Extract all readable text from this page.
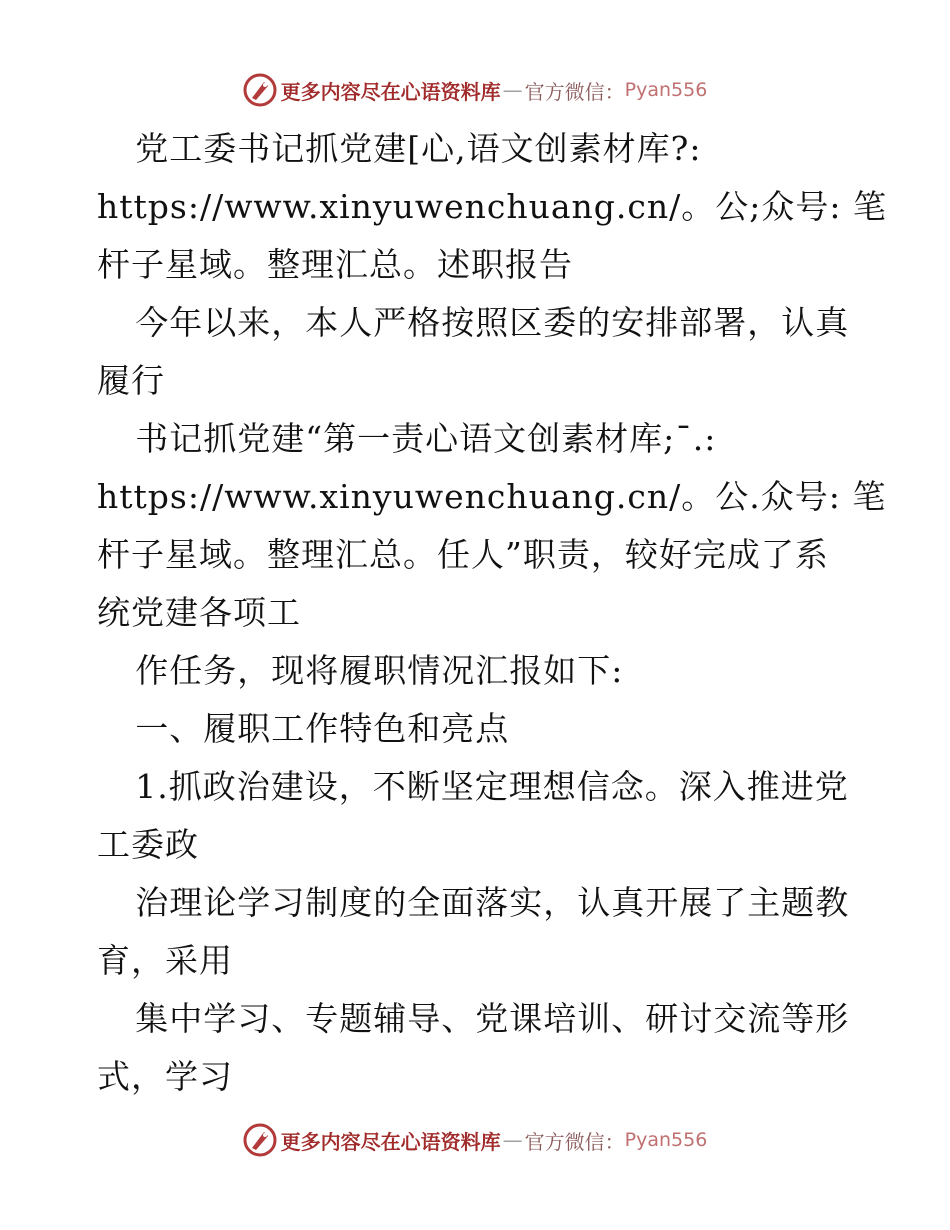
更多内容尽在心语资料库 — 官方微信： Pyan556
党工委书记抓党建[心,语文创素材库?:
https://www.xinyuwenchuang.cn/。公;众号: 笔
杆子星域。整理汇总。述职报告
今年以来，本人严格按照区委的安排部署，认真
履行
书记抓党建“第一责心语文创素材库;¯.:
https://www.xinyuwenchuang.cn/。公.众号: 笔
杆子星域。整理汇总。任人”职责，较好完成了系
统党建各项工
作任务，现将履职情况汇报如下:
一、履职工作特色和亮点
1.抓政治建设，不断坚定理想信念。深入推进党
工委政
治理论学习制度的全面落实，认真开展了主题教
育，采用
集中学习、专题辅导、党课培训、研讨交流等形
式，学习
更多内容尽在心语资料库 — 官方微信： Pyan556
